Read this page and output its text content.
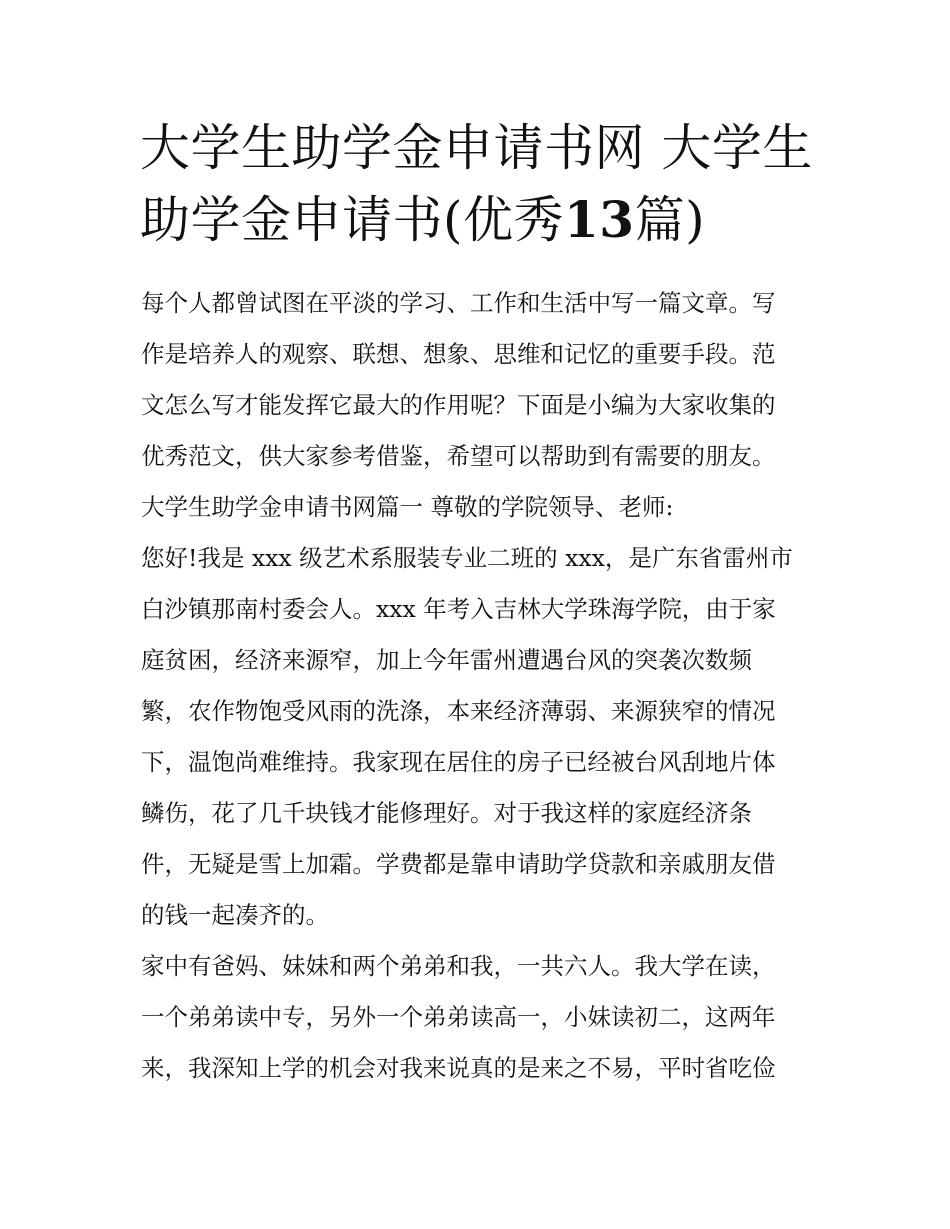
大学生助学金申请书网 大学生
助学金申请书(优秀13篇)
每个人都曾试图在平淡的学习、工作和生活中写一篇文章。写
作是培养人的观察、联想、想象、思维和记忆的重要手段。范
文怎么写才能发挥它最大的作用呢？下面是小编为大家收集的
优秀范文，供大家参考借鉴，希望可以帮助到有需要的朋友。
大学生助学金申请书网篇一 尊敬的学院领导、老师:
您好!我是 xxx 级艺术系服装专业二班的 xxx，是广东省雷州市
白沙镇那南村委会人。xxx 年考入吉林大学珠海学院，由于家
庭贫困，经济来源窄，加上今年雷州遭遇台风的突袭次数频
繁，农作物饱受风雨的洗涤，本来经济薄弱、来源狭窄的情况
下，温饱尚难维持。我家现在居住的房子已经被台风刮地片体
鳞伤，花了几千块钱才能修理好。对于我这样的家庭经济条
件，无疑是雪上加霜。学费都是靠申请助学贷款和亲戚朋友借
的钱一起凑齐的。
家中有爸妈、妹妹和两个弟弟和我，一共六人。我大学在读，
一个弟弟读中专，另外一个弟弟读高一，小妹读初二，这两年
来，我深知上学的机会对我来说真的是来之不易，平时省吃俭
